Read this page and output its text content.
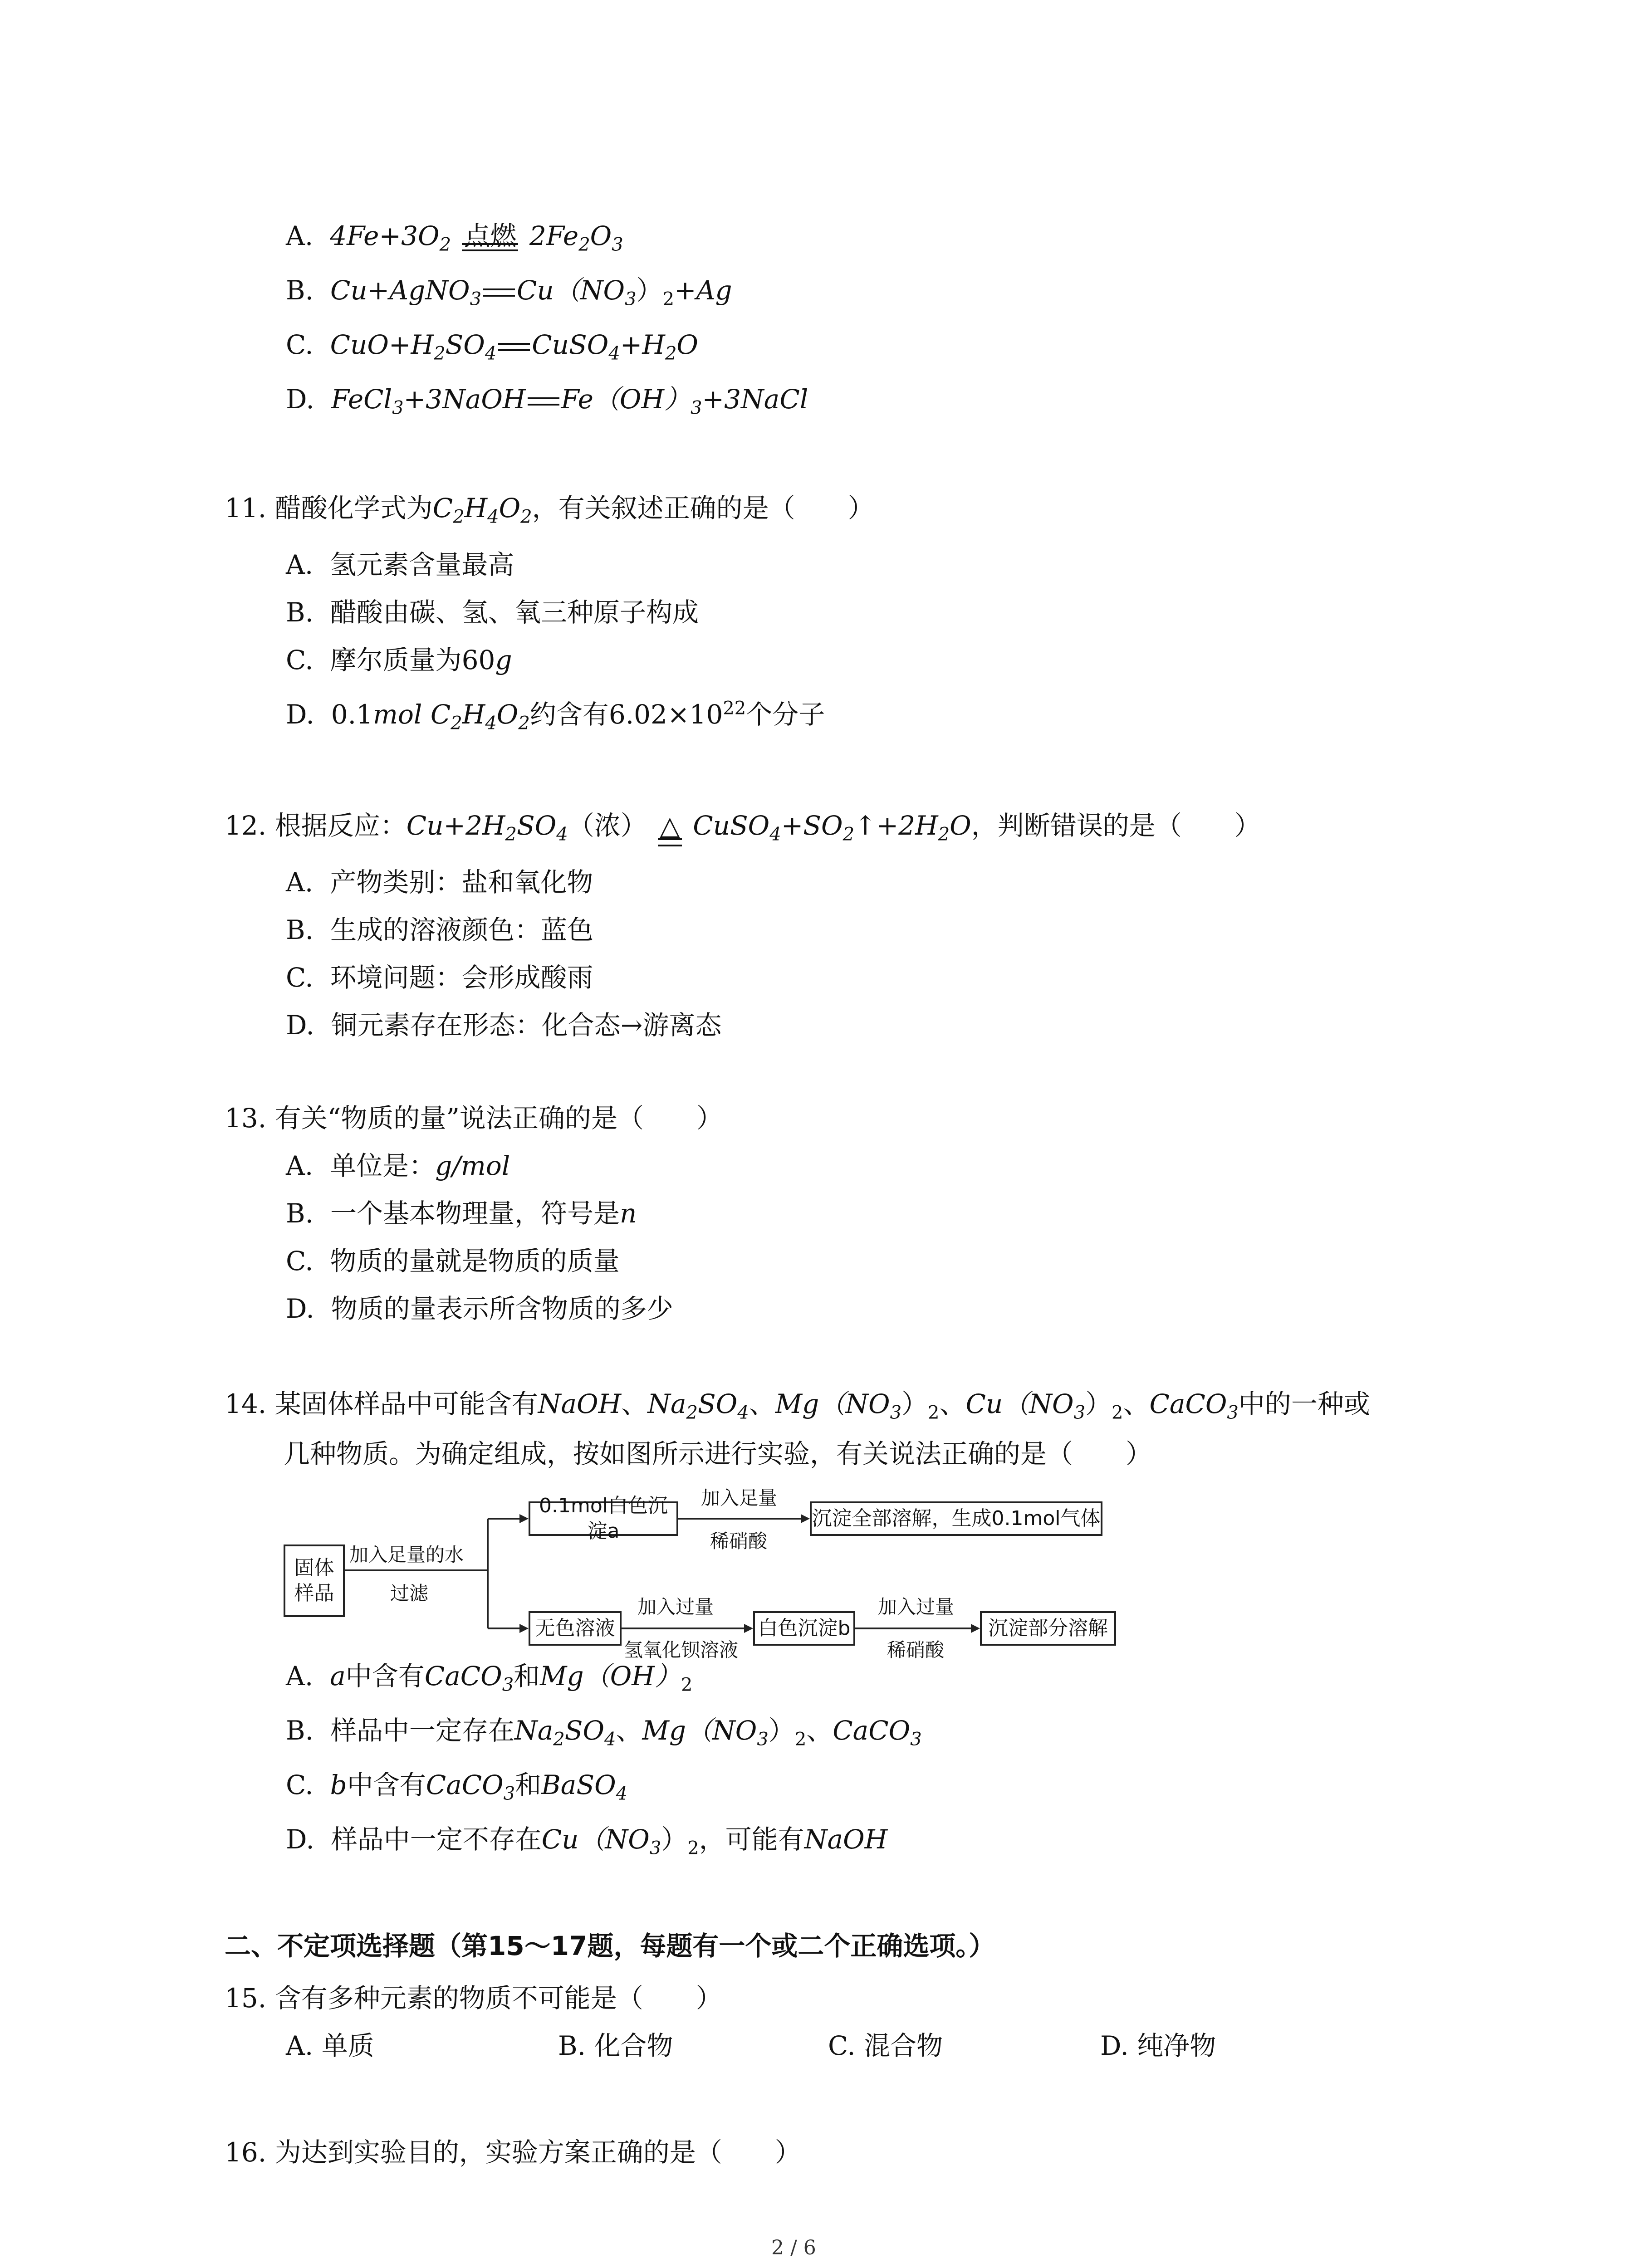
A. $4Fe+3O_2$ 点燃 $2Fe_2O_3$
B. Cu+AgNO$_3$ $Cu(NO_3)_2+Ag$
C. $CuO+H_2SO_4$ $CuSO_4+H_2O$
D. FeCl$_3$+3NaOH $Fe(OH)_3+3NaCl$
11. 醋酸化学式为$C_2H_4O_2$，有关叙述正确的是（　　）
A. 氢元素含量最高
B. 醋酸由碳、氢、氧三种原子构成
C. 摩尔质量为60g
D. 0.1mol $C_2H_4O_2$约含有$6.02\times 10^{22}$个分子
12. 根据反应：$Cu+2H_2SO_4$（浓） △ $CuSO_4+SO_2↑+2H_2O$，判断错误的是（　　）
A. 产物类别：盐和氧化物
B. 生成的溶液颜色：蓝色
C. 环境问题：会形成酸雨
D. 铜元素存在形态：化合态→游离态
13. 有关“物质的量”说法正确的是（　　）
A. 单位是：g/mol
B. 一个基本物理量，符号是n
C. 物质的量就是物质的质量
D. 物质的量表示所含物质的多少
14. 某固体样品中可能含有NaOH、$Na_2SO_4$、$Mg(NO_3)_2$、$Cu(NO_3)_2$、CaCO$_3$中的一种或
几种物质。为确定组成，按如图所示进行实验，有关说法正确的是（　　）
固体
样品
加入足量的水
过滤
0.1mol白色沉淀a
加入足量
稀硝酸
沉淀全部溶解，生成0.1mol气体
无色溶液
加入过量
氢氧化钡溶液
白色沉淀b
加入过量
稀硝酸
沉淀部分溶解
A. a中含有CaCO$_3$和$Mg(OH)_2$
B. 样品中一定存在$Na_2SO_4$、$Mg(NO_3)_2$、CaCO$_3$
C. b中含有CaCO$_3$和BaSO$_4$
D. 样品中一定不存在$Cu(NO_3)_2$，可能有NaOH
二、不定项选择题（第15～17题，每题有一个或二个正确选项。）
15. 含有多种元素的物质不可能是（　　）
A. 单质	B. 化合物	C. 混合物	D. 纯净物
16. 为达到实验目的，实验方案正确的是（　　）
2 / 6
